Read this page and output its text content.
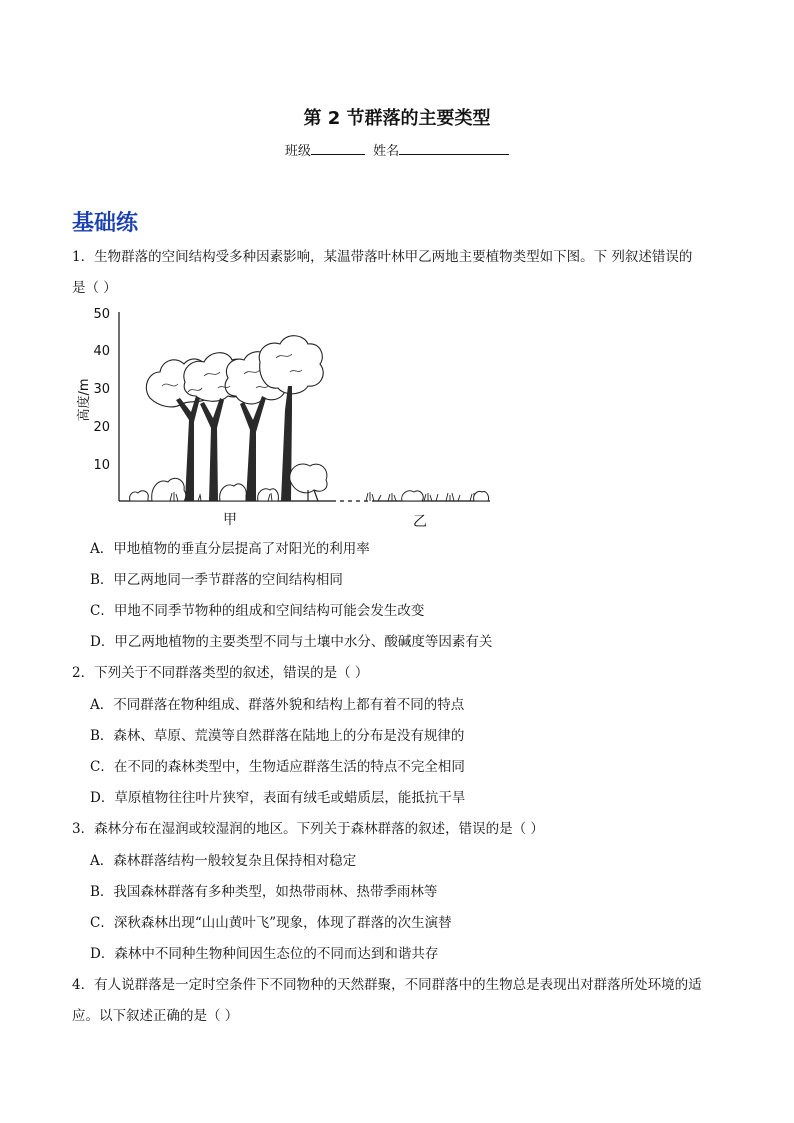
第 2 节群落的主要类型
班级	姓名
基础练
1．生物群落的空间结构受多种因素影响，某温带落叶林甲乙两地主要植物类型如下图。下 列叙述错误的
是（ ）
50
40
30
20
10
高度/m
甲	乙
A．甲地植物的垂直分层提高了对阳光的利用率
B．甲乙两地同一季节群落的空间结构相同
C．甲地不同季节物种的组成和空间结构可能会发生改变
D．甲乙两地植物的主要类型不同与土壤中水分、酸碱度等因素有关
2．下列关于不同群落类型的叙述，错误的是（ ）
A．不同群落在物种组成、群落外貌和结构上都有着不同的特点
B．森林、草原、荒漠等自然群落在陆地上的分布是没有规律的
C．在不同的森林类型中，生物适应群落生活的特点不完全相同
D．草原植物往往叶片狭窄，表面有绒毛或蜡质层，能抵抗干旱
3．森林分布在湿润或较湿润的地区。下列关于森林群落的叙述，错误的是（ ）
A．森林群落结构一般较复杂且保持相对稳定
B．我国森林群落有多种类型，如热带雨林、热带季雨林等
C．深秋森林出现“山山黄叶飞”现象，体现了群落的次生演替
D．森林中不同种生物种间因生态位的不同而达到和谐共存
4．有人说群落是一定时空条件下不同物种的天然群聚，不同群落中的生物总是表现出对群落所处环境的适
应。以下叙述正确的是（ ）
